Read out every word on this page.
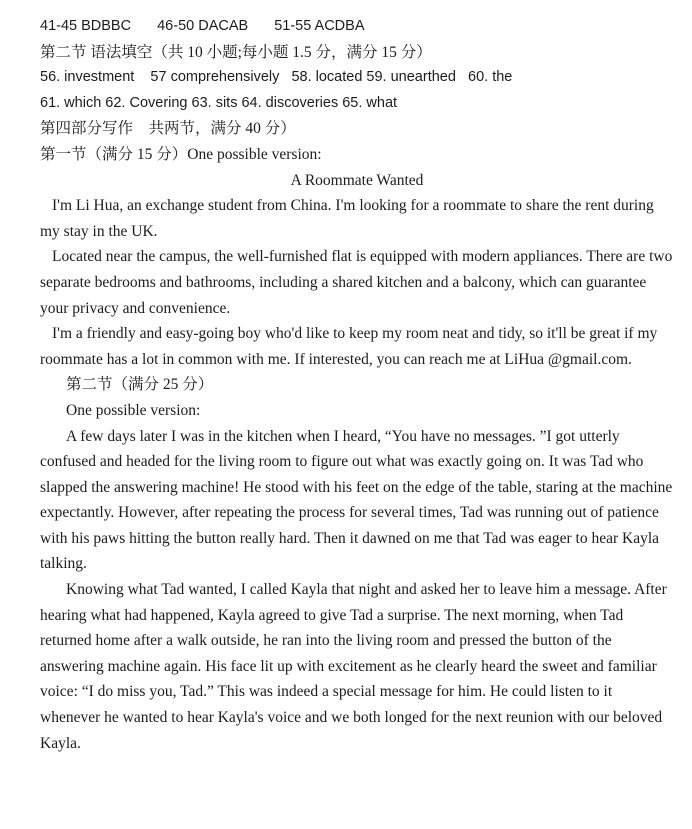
41-45 BDBBC 46-50 DACAB 51-55 ACDBA
第二节 语法填空（共 10 小题;每小题 1.5 分，满分 15 分）
56. investment    57 comprehensively   58. located 59. unearthed   60. the
61. which 62. Covering 63. sits 64. discoveries 65. what
第四部分写作    共两节，满分 40 分）
第一节（满分 15 分）One possible version:
A Roommate Wanted

I'm Li Hua, an exchange student from China. I'm looking for a roommate to share the rent during my stay in the UK.

Located near the campus, the well-furnished flat is equipped with modern appliances. There are two separate bedrooms and bathrooms, including a shared kitchen and a balcony, which can guarantee your privacy and convenience.

I'm a friendly and easy-going boy who'd like to keep my room neat and tidy, so it'll be great if my roommate has a lot in common with me. If interested, you can reach me at LiHua @gmail.com.

第二节（满分 25 分）
One possible version:

A few days later I was in the kitchen when I heard, “You have no messages. ”I got utterly confused and headed for the living room to figure out what was exactly going on. It was Tad who slapped the answering machine! He stood with his feet on the edge of the table, staring at the machine expectantly. However, after repeating the process for several times, Tad was running out of patience with his paws hitting the button really hard. Then it dawned on me that Tad was eager to hear Kayla talking.

Knowing what Tad wanted, I called Kayla that night and asked her to leave him a message. After hearing what had happened, Kayla agreed to give Tad a surprise. The next morning, when Tad returned home after a walk outside, he ran into the living room and pressed the button of the answering machine again. His face lit up with excitement as he clearly heard the sweet and familiar voice: “I do miss you, Tad.” This was indeed a special message for him. He could listen to it whenever he wanted to hear Kayla's voice and we both longed for the next reunion with our beloved Kayla.
